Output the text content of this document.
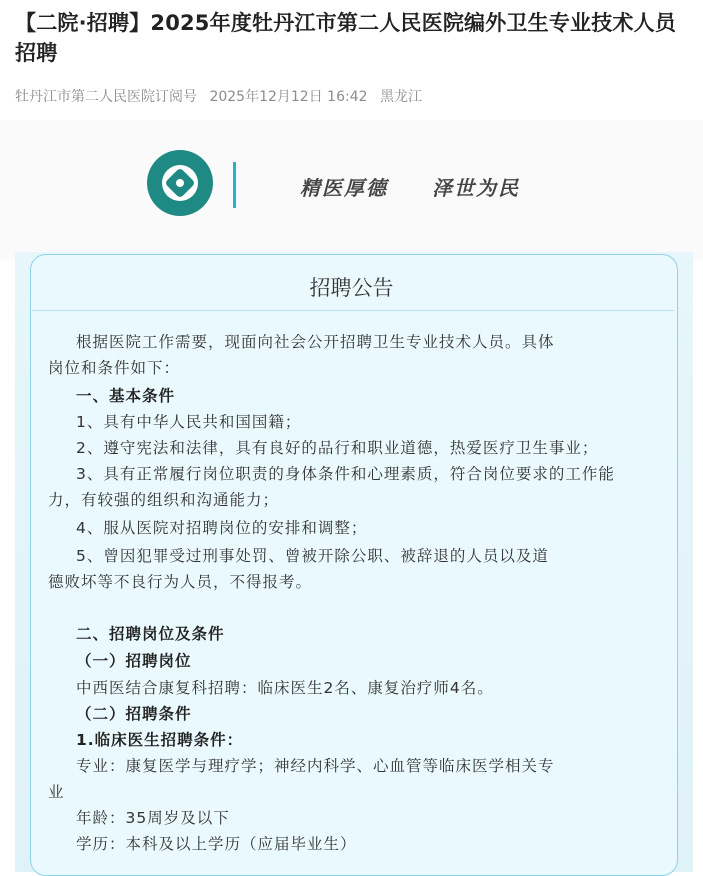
【二院·招聘】2025年度牡丹江市第二人民医院编外卫生专业技术人员招聘
牡丹江市第二人民医院订阅号 2025年12月12日 16:42 黑龙江
精医厚德 泽世为民
招聘公告
根据医院工作需要，现面向社会公开招聘卫生专业技术人员。具体
岗位和条件如下：
一、基本条件
1、具有中华人民共和国国籍；
2、遵守宪法和法律，具有良好的品行和职业道德，热爱医疗卫生事业；
3、具有正常履行岗位职责的身体条件和心理素质，符合岗位要求的工作能
力，有较强的组织和沟通能力；
4、服从医院对招聘岗位的安排和调整；
5、曾因犯罪受过刑事处罚、曾被开除公职、被辞退的人员以及道
德败坏等不良行为人员，不得报考。
二、招聘岗位及条件
（一）招聘岗位
中西医结合康复科招聘：临床医生2名、康复治疗师4名。
（二）招聘条件
1.临床医生招聘条件：
专业：康复医学与理疗学；神经内科学、心血管等临床医学相关专
业
年龄：35周岁及以下
学历：本科及以上学历（应届毕业生）
